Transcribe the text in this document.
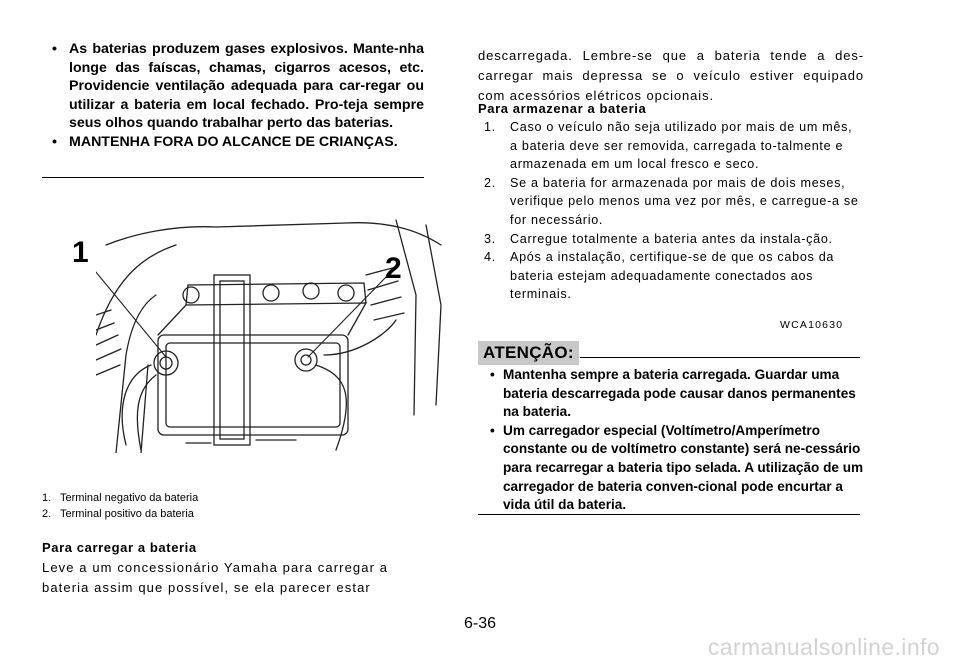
• As baterias produzem gases explosivos. Mante-nha longe das faíscas, chamas, cigarros acesos, etc. Providencie ventilação adequada para car-regar ou utilizar a bateria em local fechado. Pro-teja sempre seus olhos quando trabalhar perto das baterias.
• MANTENHA FORA DO ALCANCE DE CRIANÇAS.
1	2
1. Terminal negativo da bateria
2. Terminal positivo da bateria
Para carregar a bateria
Leve a um concessionário Yamaha para carregar a
bateria assim que possível, se ela parecer estar
descarregada. Lembre-se que a bateria tende a des-carregar mais depressa se o veículo estiver equipado com acessórios elétricos opcionais.
Para armazenar a bateria
1. Caso o veículo não seja utilizado por mais de um mês, a bateria deve ser removida, carregada to-talmente e armazenada em um local fresco e seco.
2. Se a bateria for armazenada por mais de dois meses, verifique pelo menos uma vez por mês, e carregue-a se for necessário.
3. Carregue totalmente a bateria antes da instala-ção.
4. Após a instalação, certifique-se de que os cabos da bateria estejam adequadamente conectados aos terminais.
WCA10630
ATENÇÃO:
• Mantenha sempre a bateria carregada. Guardar uma bateria descarregada pode causar danos permanentes na bateria.
• Um carregador especial (Voltímetro/Amperímetro constante ou de voltímetro constante) será ne-cessário para recarregar a bateria tipo selada. A utilização de um carregador de bateria conven-cional pode encurtar a vida útil da bateria.
6-36
carmanualsonline.info
